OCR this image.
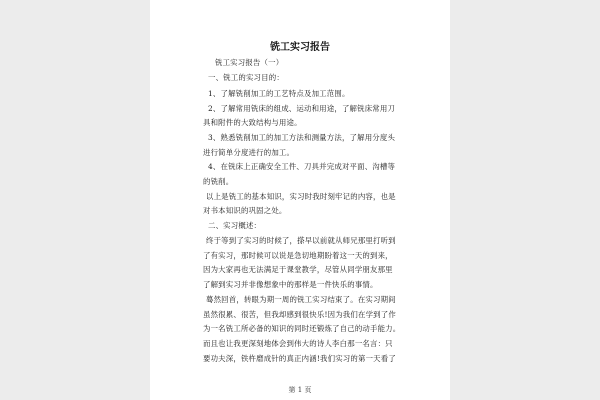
铣工实习报告
铣工实习报告（一）
一、铣工的实习目的：
1、了解铣削加工的工艺特点及加工范围。
2、了解常用铣床的组成、运动和用途，了解铣床常用刀
具和附件的大致结构与用途。
3、熟悉铣削加工的加工方法和测量方法，了解用分度头
进行简单分度进行的加工。
4、在铣床上正确安全工件、刀具并完成对平面、沟槽等
的铣削。
以上是铣工的基本知识，实习时我时刻牢记的内容，也是
对书本知识的巩固之处。
二、实习概述：
终于等到了实习的时候了，搽早以前就从师兄那里打听到
了有实习，那时候可以说是急切地期盼着这一天的到来，
因为大家再也无法满足于课堂教学，尽管从同学朋友那里
了解到实习并非像想象中的那样是一件快乐的事情。
蓦然回首，转眼为期一周的铣工实习结束了。在实习期间
虽然很累、很苦，但我却感到很快乐!因为我们在学到了作
为一名铣工所必备的知识的同时还锻炼了自己的动手能力。
而且也让我更深刻地体会到伟大的诗人李白那一名言：只
要功夫深，铁杵磨成针的真正内涵!我们实习的第一天看了
第 1 页
